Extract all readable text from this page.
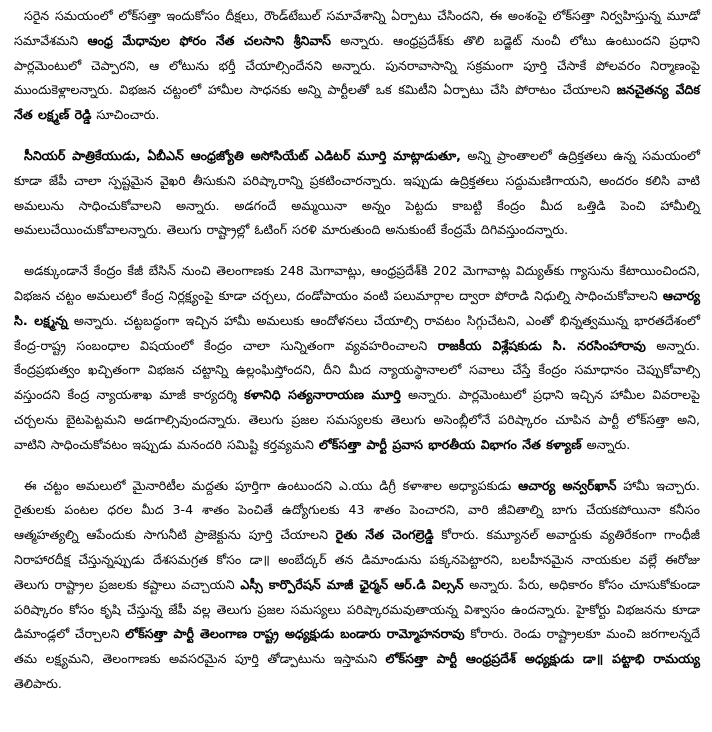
సరైన సమయంలో లోక్‌సత్తా ఇందుకోసం దీక్షలు, రౌండ్‌టేబుల్ సమావేశాన్ని ఏర్పాటు చేసిందని, ఈ అంశంపై లోక్‌సత్తా నిర్వహిస్తున్న మూడో సమావేశమని ఆంధ్ర మేధావుల ఫోరం నేత చలసాని శ్రీనివాస్ అన్నారు. ఆంధ్రప్రదేశ్‌కు తొలి బడ్జెట్ నుంచీ లోటు ఉంటుందని ప్రధాని పార్లమెంటులో చెప్పారని, ఆ లోటును భర్తీ చేయాల్సిందేనని అన్నారు. పునరావాసాన్ని సక్రమంగా పూర్తి చేసాకే పోలవరం నిర్మాణంపై ముందుకెళ్లాలన్నారు. విభజన చట్టంలో హామీల సాధనకు అన్ని పార్టీలతో ఒక కమిటీని ఏర్పాటు చేసి పోరాటం చేయాలని జనచైతన్య వేదిక నేత లక్ష్మణ్ రెడ్డి సూచించారు.

సీనియర్ పాత్రికేయుడు, ఏబీఎన్ ఆంధ్రజ్యోతి అసోసియేట్ ఎడిటర్ మూర్తి మాట్లాడుతూ, అన్ని ప్రాంతాలలో ఉద్రిక్తతలు ఉన్న సమయంలో కూడా జేపీ చాలా స్పష్టమైన వైఖరి తీసుకుని పరిష్కారాన్ని ప్రకటించారన్నారు. ఇప్పుడు ఉద్రిక్తతలు సద్దుమణిగాయని, అందరం కలిసి వాటి అమలును సాధించుకోవాలని అన్నారు. అడగందే అమ్మయినా అన్నం పెట్టదు కాబట్టి కేంద్రం మీద ఒత్తిడి పెంచి హామీల్ని అమలుచేయించుకోవాలన్నారు. తెలుగు రాష్ట్రాల్లో ఓటింగ్ సరళి మారుతుంది అనుకుంటే కేంద్రమే దిగివస్తుందన్నారు.

అడక్కుండానే కేంద్రం కేజీ బేసిన్ నుంచి తెలంగాణకు 248 మెగావాట్లు, ఆంధ్రప్రదేశ్‌కి 202 మెగావాట్ల విద్యుత్‌కు గ్యాసును కేటాయించిందని, విభజన చట్టం అమలులో కేంద్ర నిర్లక్ష్యంపై కూడా చర్చలు, దండోపాయం వంటి పలుమార్గాల ద్వారా పోరాడి నిధుల్ని సాధించుకోవాలని ఆచార్య సి. లక్ష్మన్న అన్నారు. చట్టబద్ధంగా ఇచ్చిన హామీ అమలుకు ఆందోళనలు చేయాల్సి రావటం సిగ్గుచేటని, ఎంతో భిన్నత్వమున్న భారతదేశంలో కేంద్ర-రాష్ట్ర సంబంధాల విషయంలో కేంద్రం చాలా సున్నితంగా వ్యవహరించాలని రాజకీయ విశ్లేషకుడు సి. నరసింహారావు అన్నారు. కేంద్రప్రభుత్వం ఖచ్చితంగా విభజన చట్టాన్ని ఉల్లంఘిస్తోందని, దీని మీద న్యాయస్థానాలలో సవాలు చేస్తే కేంద్రం సమాధానం చెప్పుకోవాల్సి వస్తుందని కేంద్ర న్యాయశాఖ మాజీ కార్యదర్శి కళానిధి సత్యనారాయణ మూర్తి అన్నారు. పార్లమెంటులో ప్రధాని ఇచ్చిన హామీల వివరాలపై చర్చలను బైటపెట్టమని అడగాల్సివుందన్నారు. తెలుగు ప్రజల సమస్యలకు తెలుగు అసెంబ్లీలోనే పరిష్కారం చూపిన పార్టీ లోక్‌సత్తా అని, వాటిని సాధించుకోవటం ఇప్పుడు మనందరి సమిష్టి కర్తవ్యమని లోక్‌సత్తా పార్టీ ప్రవాస భారతీయ విభాగం నేత కళ్యాణ్ అన్నారు.

ఈ చట్టం అమలులో మైనారిటీల మద్దతు పూర్తిగా ఉంటుందని ఎ.యు డిగ్రీ కళాశాల అధ్యాపకుడు ఆచార్య అన్వర్‌ఖాన్ హామీ ఇచ్చారు. రైతులకు పంటల ధరల మీద 3-4 శాతం పెంచితే ఉద్యోగులకు 43 శాతం పెంచారని, వారి జీవితాల్ని బాగు చేయకపోయినా కనీసం ఆత్మహత్యల్ని ఆపేందుకు సాగునీటి ప్రాజెక్టును పూర్తి చేయాలని రైతు నేత చెంగల్రెడ్డి కోరారు. కమ్యూనల్ అవార్డుకు వ్యతిరేకంగా గాంధీజీ నిరాహారదీక్ష చేస్తున్నప్పుడు దేశసమగ్రత కోసం డా॥ అంబేద్కర్ తన డిమాండును పక్కనపెట్టారని, బలహీనమైన నాయకుల వల్లే ఈరోజు తెలుగు రాష్ట్రాల ప్రజలకు కష్టాలు వచ్చాయని ఎస్సీ కార్పొరేషన్ మాజీ ఛైర్మన్ ఆర్.డి విల్సన్ అన్నారు. పేరు, అధికారం కోసం చూసుకోకుండా పరిష్కారం కోసం కృషి చేస్తున్న జేపీ వల్ల తెలుగు ప్రజల సమస్యలు పరిష్కారమవుతాయన్న విశ్వాసం ఉందన్నారు. హైకోర్టు విభజనను కూడా డిమాండ్లలో చేర్చాలని లోక్‌సత్తా పార్టీ తెలంగాణ రాష్ట్ర అధ్యక్షుడు బండారు రామ్మోహనరావు కోరారు. రెండు రాష్ట్రాలకూ మంచి జరగాలన్నదే తమ లక్ష్యమని, తెలంగాణకు అవసరమైన పూర్తి తోడ్పాటును ఇస్తామని లోక్‌సత్తా పార్టీ ఆంధ్రప్రదేశ్ అధ్యక్షుడు డా॥ పట్టాభి రామయ్య తెలిపారు.
